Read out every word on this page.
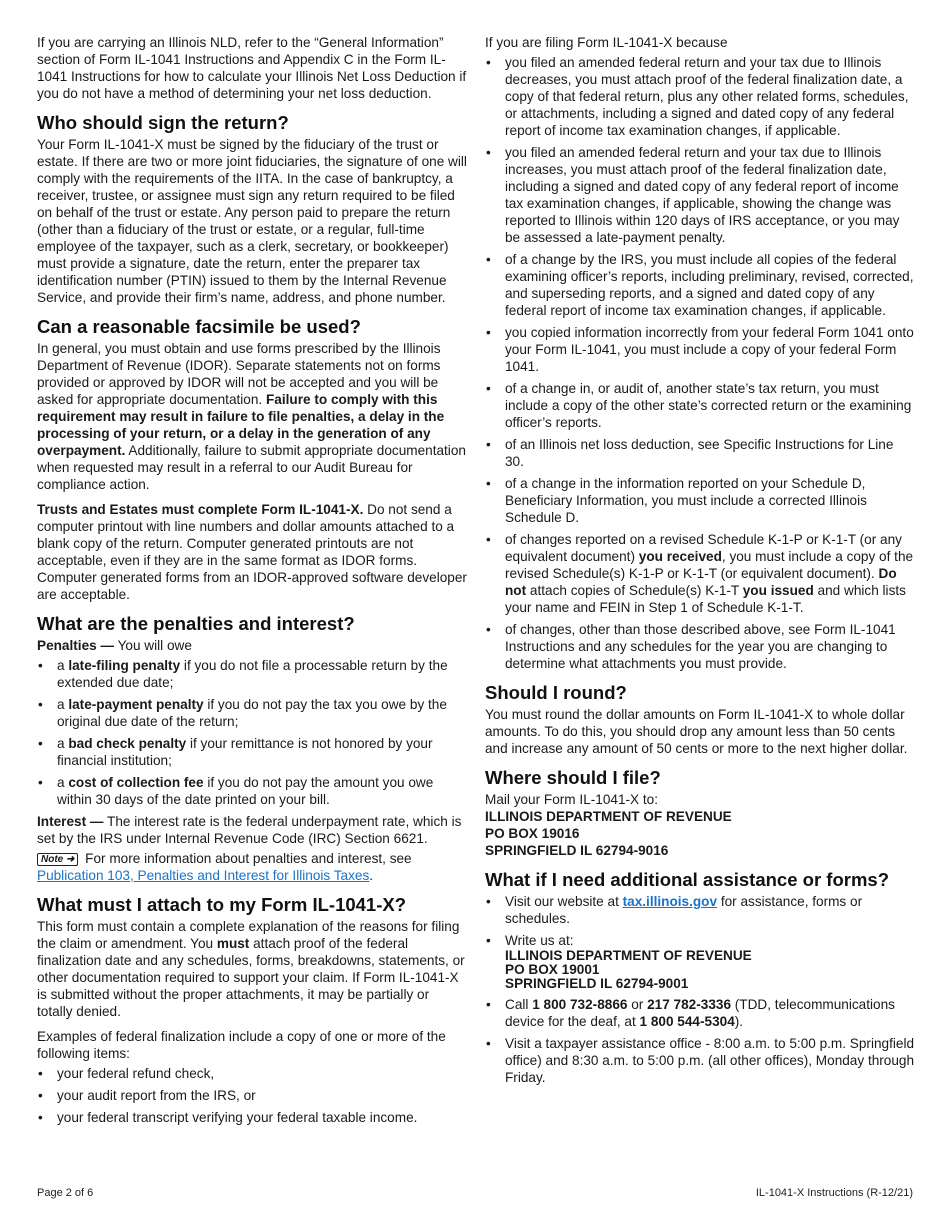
If you are carrying an Illinois NLD, refer to the “General Information” section of Form IL-1041 Instructions and Appendix C in the Form IL-1041 Instructions for how to calculate your Illinois Net Loss Deduction if you do not have a method of determining your net loss deduction.

Who should sign the return?

Your Form IL-1041-X must be signed by the fiduciary of the trust or estate. If there are two or more joint fiduciaries, the signature of one will comply with the requirements of the IITA. In the case of bankruptcy, a receiver, trustee, or assignee must sign any return required to be filed on behalf of the trust or estate. Any person paid to prepare the return (other than a fiduciary of the trust or estate, or a regular, full-time employee of the taxpayer, such as a clerk, secretary, or bookkeeper) must provide a signature, date the return, enter the preparer tax identification number (PTIN) issued to them by the Internal Revenue Service, and provide their firm’s name, address, and phone number.

Can a reasonable facsimile be used?

In general, you must obtain and use forms prescribed by the Illinois Department of Revenue (IDOR). Separate statements not on forms provided or approved by IDOR will not be accepted and you will be asked for appropriate documentation. Failure to comply with this requirement may result in failure to file penalties, a delay in the processing of your return, or a delay in the generation of any overpayment. Additionally, failure to submit appropriate documentation when requested may result in a referral to our Audit Bureau for compliance action.

Trusts and Estates must complete Form IL-1041-X. Do not send a computer printout with line numbers and dollar amounts attached to a blank copy of the return. Computer generated printouts are not acceptable, even if they are in the same format as IDOR forms. Computer generated forms from an IDOR-approved software developer are acceptable.

What are the penalties and interest?

Penalties — You will owe

• a late-filing penalty if you do not file a processable return by the extended due date;
• a late-payment penalty if you do not pay the tax you owe by the original due date of the return;
• a bad check penalty if your remittance is not honored by your financial institution;
• a cost of collection fee if you do not pay the amount you owe within 30 days of the date printed on your bill.

Interest — The interest rate is the federal underpayment rate, which is set by the IRS under Internal Revenue Code (IRC) Section 6621.

Note ➜ For more information about penalties and interest, see Publication 103, Penalties and Interest for Illinois Taxes.

What must I attach to my Form IL-1041-X?

This form must contain a complete explanation of the reasons for filing the claim or amendment. You must attach proof of the federal finalization date and any schedules, forms, breakdowns, statements, or other documentation required to support your claim. If Form IL-1041-X is submitted without the proper attachments, it may be partially or totally denied.

Examples of federal finalization include a copy of one or more of the following items:

• your federal refund check,
• your audit report from the IRS, or
• your federal transcript verifying your federal taxable income.

If you are filing Form IL-1041-X because

• you filed an amended federal return and your tax due to Illinois decreases, you must attach proof of the federal finalization date, a copy of that federal return, plus any other related forms, schedules, or attachments, including a signed and dated copy of any federal report of income tax examination changes, if applicable.
• you filed an amended federal return and your tax due to Illinois increases, you must attach proof of the federal finalization date, including a signed and dated copy of any federal report of income tax examination changes, if applicable, showing the change was reported to Illinois within 120 days of IRS acceptance, or you may be assessed a late-payment penalty.
• of a change by the IRS, you must include all copies of the federal examining officer’s reports, including preliminary, revised, corrected, and superseding reports, and a signed and dated copy of any federal report of income tax examination changes, if applicable.
• you copied information incorrectly from your federal Form 1041 onto your Form IL-1041, you must include a copy of your federal Form 1041.
• of a change in, or audit of, another state’s tax return, you must include a copy of the other state’s corrected return or the examining officer’s reports.
• of an Illinois net loss deduction, see Specific Instructions for Line 30.
• of a change in the information reported on your Schedule D, Beneficiary Information, you must include a corrected Illinois Schedule D.
• of changes reported on a revised Schedule K-1-P or K-1-T (or any equivalent document) you received, you must include a copy of the revised Schedule(s) K-1-P or K-1-T (or equivalent document). Do not attach copies of Schedule(s) K-1-T you issued and which lists your name and FEIN in Step 1 of Schedule K-1-T.
• of changes, other than those described above, see Form IL-1041 Instructions and any schedules for the year you are changing to determine what attachments you must provide.
Should I round?

You must round the dollar amounts on Form IL-1041-X to whole dollar amounts. To do this, you should drop any amount less than 50 cents and increase any amount of 50 cents or more to the next higher dollar.

Where should I file?

Mail your Form IL-1041-X to:

ILLINOIS DEPARTMENT OF REVENUE
PO BOX 19016
SPRINGFIELD IL 62794-9016
What if I need additional assistance or forms?
• Visit our website at tax.illinois.gov for assistance, forms or schedules.
• Write us at:
ILLINOIS DEPARTMENT OF REVENUE
PO BOX 19001
SPRINGFIELD IL 62794-9001
• Call 1 800 732-8866 or 217 782-3336 (TDD, telecommunications device for the deaf, at 1 800 544-5304).
• Visit a taxpayer assistance office - 8:00 a.m. to 5:00 p.m. Springfield office) and 8:30 a.m. to 5:00 p.m. (all other offices), Monday through Friday.
Page 2 of 6	IL-1041-X Instructions (R-12/21)
